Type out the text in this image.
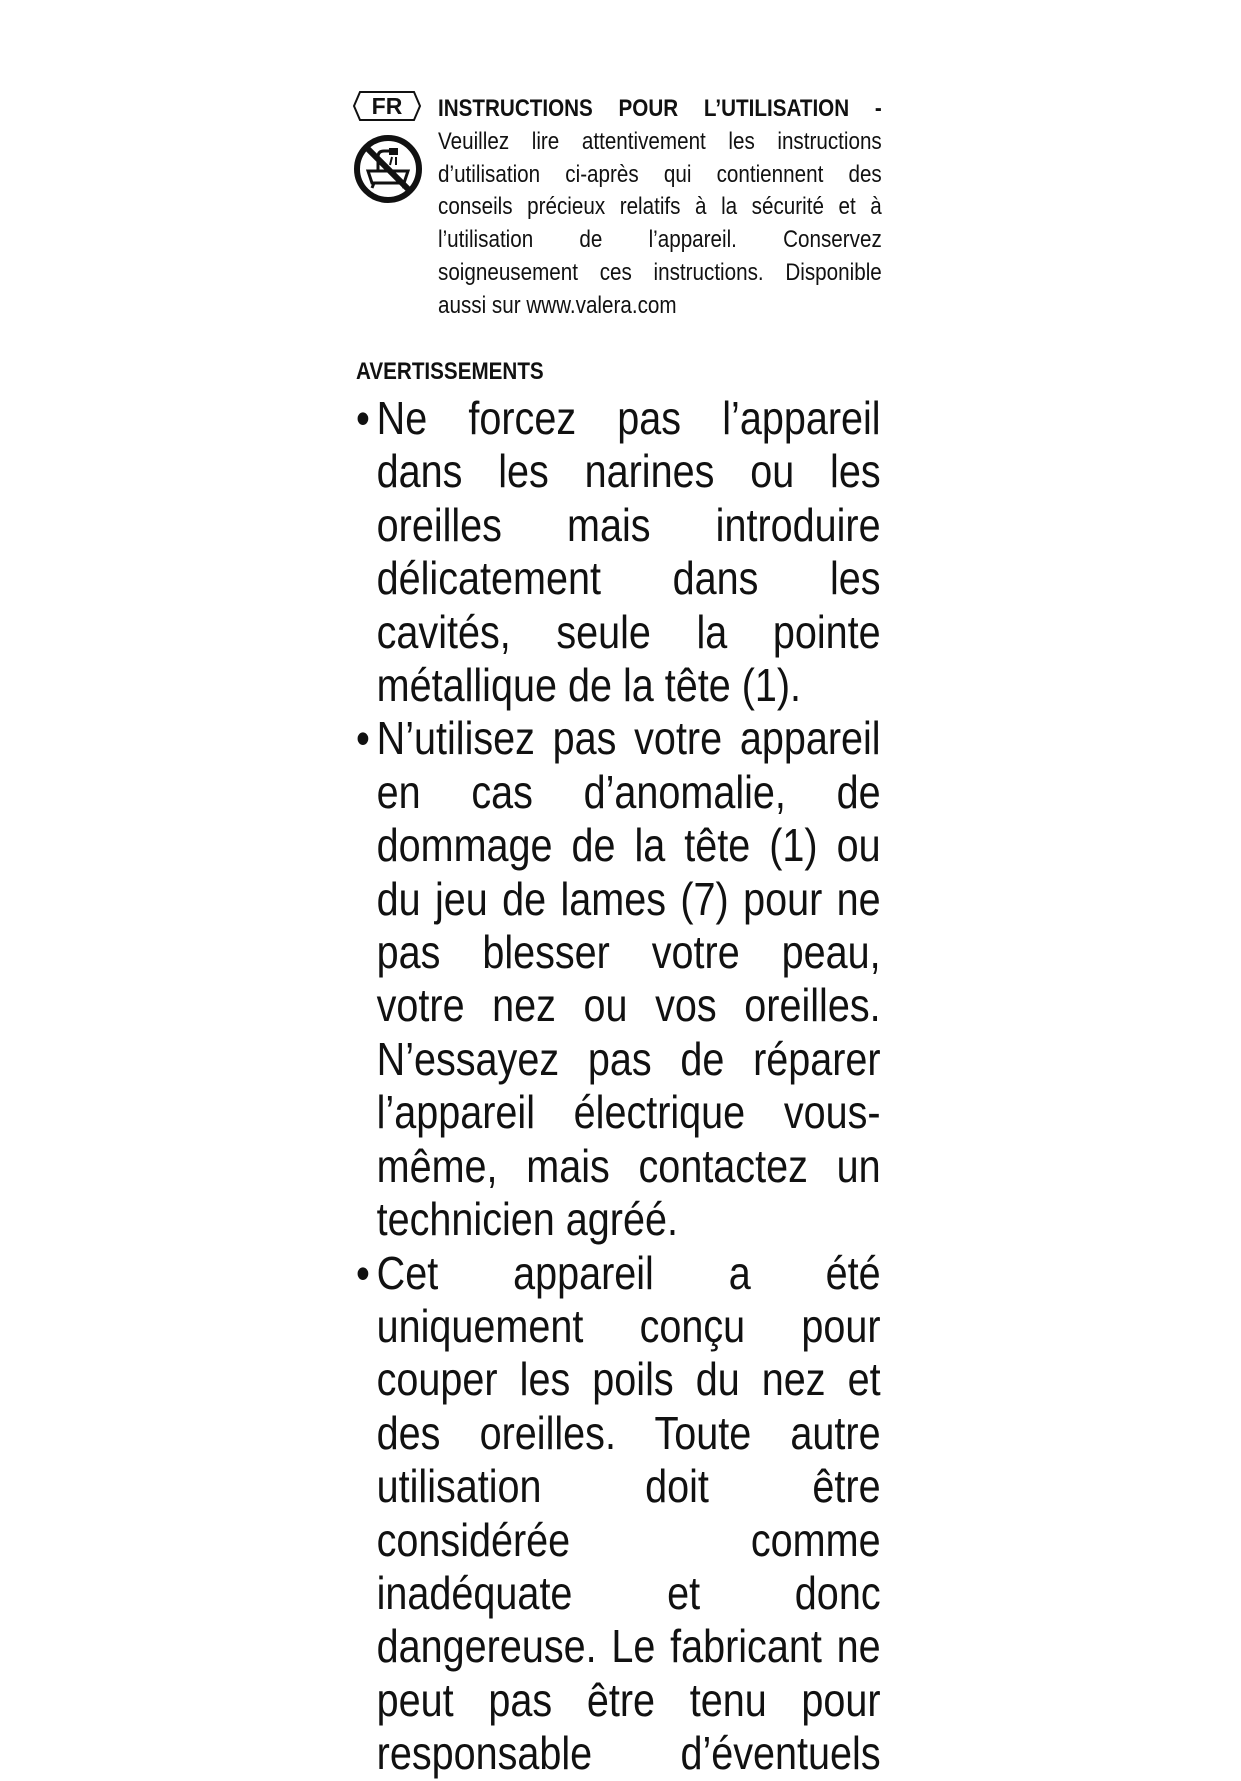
FR	INSTRUCTIONS POUR L’UTILISATION - Veuillez lire attentivement les instructions d’utilisation ci-après qui contiennent des conseils précieux relatifs à la sécurité et à l’utilisation de l’appareil. Conservez soigneusement ces instructions. Disponible aussi sur www.valera.com
AVERTISSEMENTS
• Ne forcez pas l’appareil dans les narines ou les oreilles mais introduire délicatement dans les cavités, seule la pointe métallique de la tête (1).
• N’utilisez pas votre appareil en cas d’anomalie, de dommage de la tête (1) ou du jeu de lames (7) pour ne pas blesser votre peau, votre nez ou vos oreilles. N’essayez pas de réparer l’appareil électrique vous-même, mais contactez un technicien agréé.
• Cet appareil a été uniquement conçu pour couper les poils du nez et des oreilles. Toute autre utilisation doit être considérée comme inadéquate et donc dangereuse. Le fabricant ne peut pas être tenu pour responsable d’éventuels
